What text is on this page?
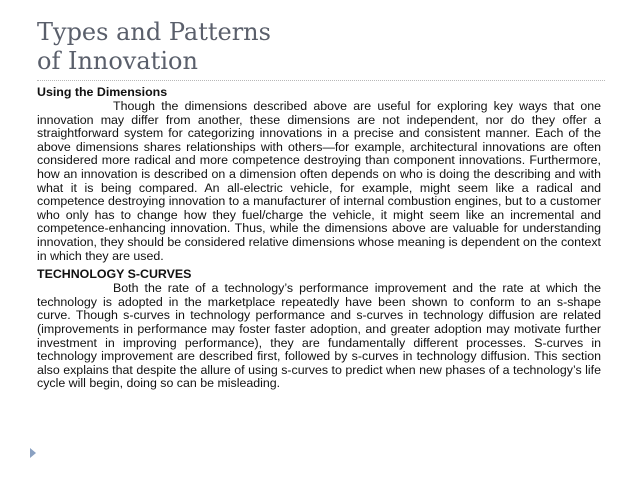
Types and Patterns
of Innovation

Using the Dimensions

Though the dimensions described above are useful for exploring key ways that one innovation may differ from another, these dimensions are not independent, nor do they offer a straightforward system for categorizing innovations in a precise and consistent manner. Each of the above dimensions shares relationships with others—for example, architectural innovations are often considered more radical and more competence destroying than component innovations. Furthermore, how an innovation is described on a dimension often depends on who is doing the describing and with what it is being compared. An all-electric vehicle, for example, might seem like a radical and competence destroying innovation to a manufacturer of internal combustion engines, but to a customer who only has to change how they fuel/charge the vehicle, it might seem like an incremental and competence-enhancing innovation. Thus, while the dimensions above are valuable for understanding innovation, they should be considered relative dimensions whose meaning is dependent on the context in which they are used.

TECHNOLOGY S-CURVES

Both the rate of a technology’s performance improvement and the rate at which the technology is adopted in the marketplace repeatedly have been shown to conform to an s-shape curve. Though s-curves in technology performance and s-curves in technology diffusion are related (improvements in performance may foster faster adoption, and greater adoption may motivate further investment in improving performance), they are fundamentally different processes. S-curves in technology improvement are described first, followed by s-curves in technology diffusion. This section also explains that despite the allure of using s-curves to predict when new phases of a technology’s life cycle will begin, doing so can be misleading.
